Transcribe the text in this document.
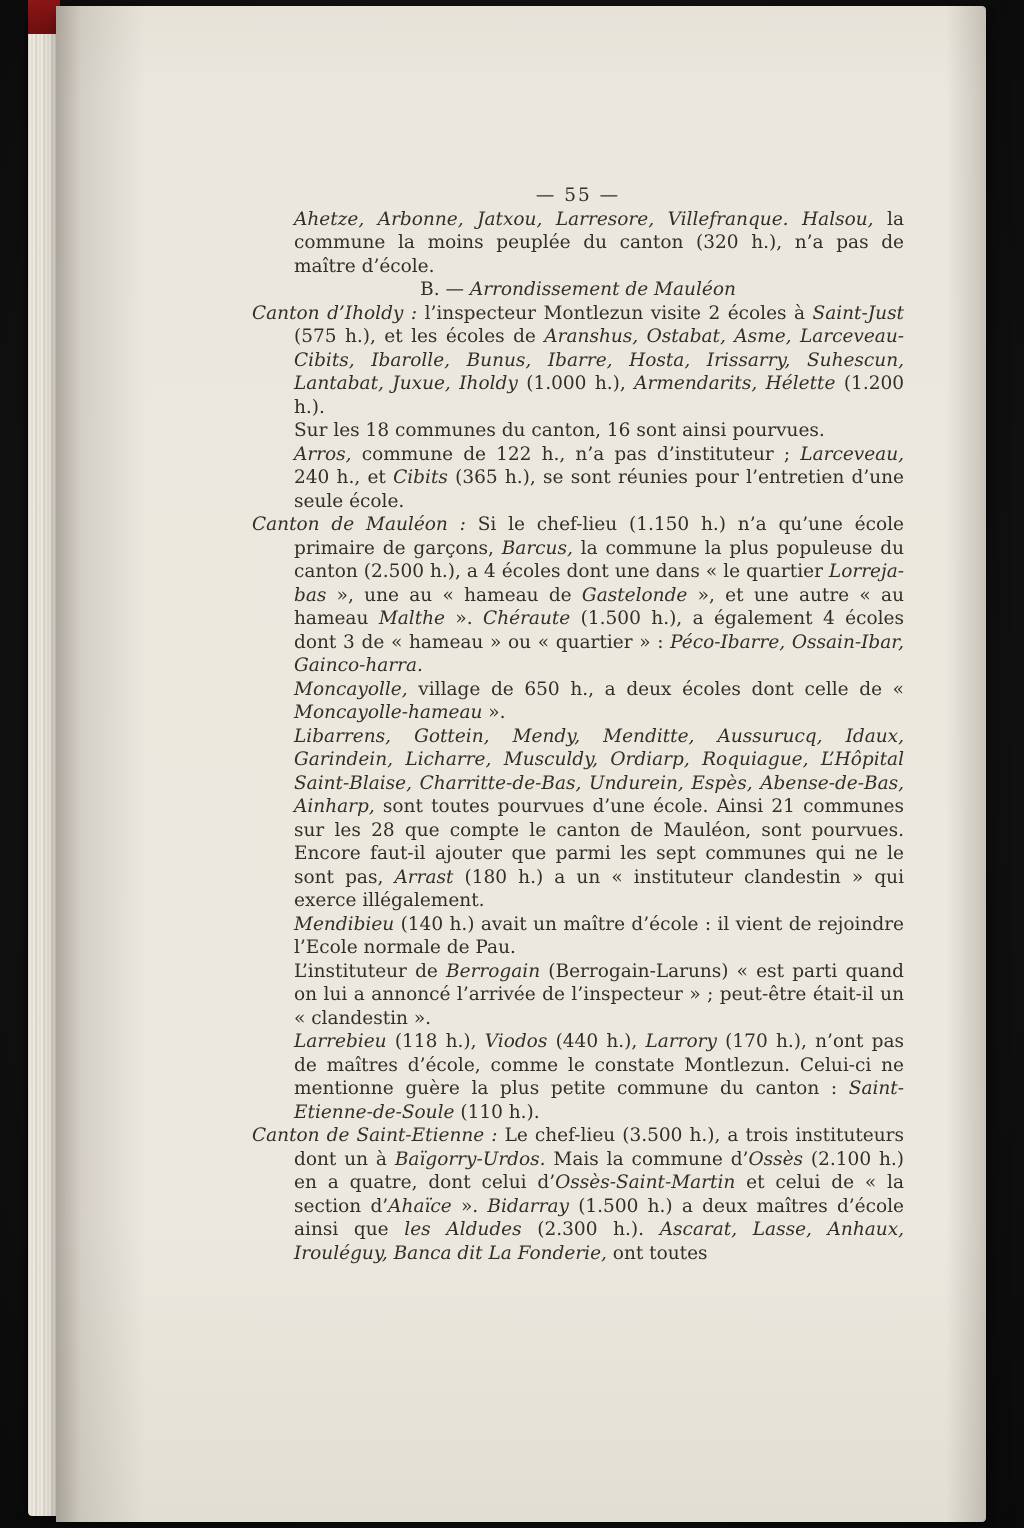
— 55 —

Ahetze, Arbonne, Jatxou, Larresore, Villefranque. Halsou, la commune la moins peuplée du canton (320 h.), n’a pas de maître d’école.

B. — Arrondissement de Mauléon

Canton d’Iholdy : l’inspecteur Montlezun visite 2 écoles à Saint-Just (575 h.), et les écoles de Aranshus, Ostabat, Asme, Larceveau-Cibits, Ibarolle, Bunus, Ibarre, Hosta, Irissarry, Suhescun, Lantabat, Juxue, Iholdy (1.000 h.), Armendarits, Hélette (1.200 h.).

Sur les 18 communes du canton, 16 sont ainsi pourvues.

Arros, commune de 122 h., n’a pas d’instituteur ; Larceveau, 240 h., et Cibits (365 h.), se sont réunies pour l’entretien d’une seule école.

Canton de Mauléon : Si le chef-lieu (1.150 h.) n’a qu’une école primaire de garçons, Barcus, la commune la plus populeuse du canton (2.500 h.), a 4 écoles dont une dans « le quartier Lorreja-bas », une au « hameau de Gastelonde », et une autre « au hameau Malthe ». Chéraute (1.500 h.), a également 4 écoles dont 3 de « hameau » ou « quartier » : Péco-Ibarre, Ossain-Ibar, Gainco-harra.

Moncayolle, village de 650 h., a deux écoles dont celle de « Moncayolle-hameau ».

Libarrens, Gottein, Mendy, Menditte, Aussurucq, Idaux, Garindein, Licharre, Musculdy, Ordiarp, Roquiague, L’Hôpital Saint-Blaise, Charritte-de-Bas, Undurein, Espès, Abense-de-Bas, Ainharp, sont toutes pourvues d’une école. Ainsi 21 communes sur les 28 que compte le canton de Mauléon, sont pourvues. Encore faut-il ajouter que parmi les sept communes qui ne le sont pas, Arrast (180 h.) a un « instituteur clandestin » qui exerce illégalement.

Mendibieu (140 h.) avait un maître d’école : il vient de rejoindre l’Ecole normale de Pau.

L’instituteur de Berrogain (Berrogain-Laruns) « est parti quand on lui a annoncé l’arrivée de l’inspecteur » ; peut-être était-il un « clandestin ».

Larrebieu (118 h.), Viodos (440 h.), Larrory (170 h.), n’ont pas de maîtres d’école, comme le constate Montlezun. Celui-ci ne mentionne guère la plus petite commune du canton : Saint-Etienne-de-Soule (110 h.).

Canton de Saint-Etienne : Le chef-lieu (3.500 h.), a trois instituteurs dont un à Baïgorry-Urdos. Mais la commune d’Ossès (2.100 h.) en a quatre, dont celui d’Ossès-Saint-Martin et celui de « la section d’Ahaïce ». Bidarray (1.500 h.) a deux maîtres d’école ainsi que les Aldudes (2.300 h.). Ascarat, Lasse, Anhaux, Irouléguy, Banca dit La Fonderie, ont toutes
